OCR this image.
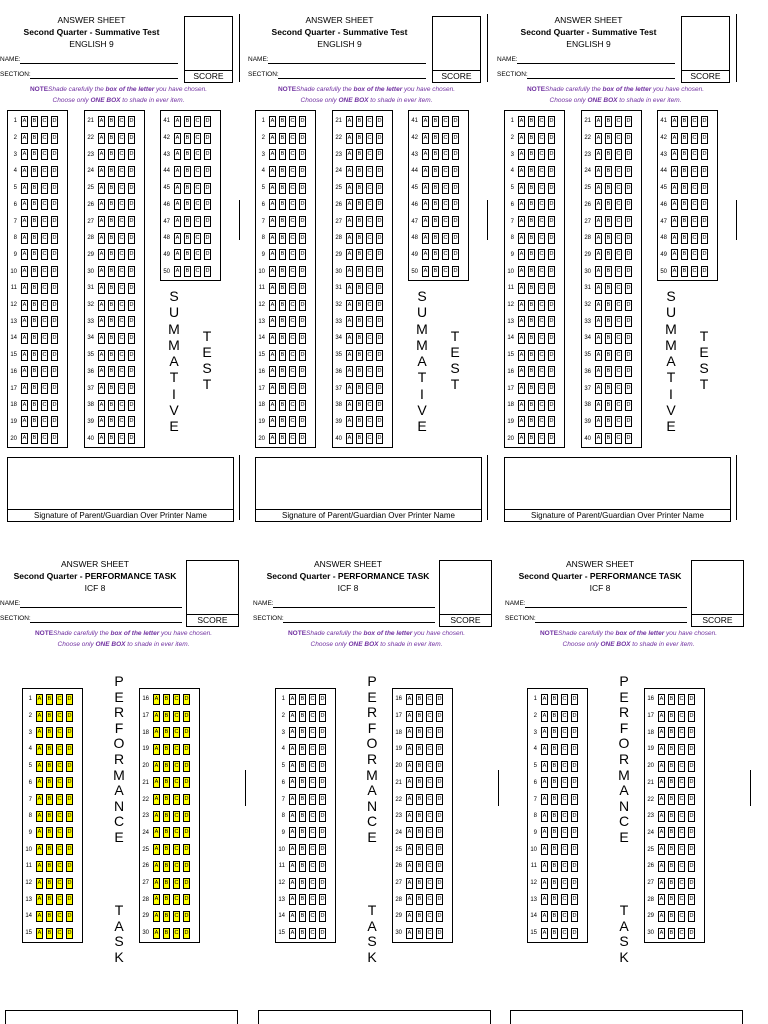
ANSWER SHEET
Second Quarter - Summative Test
ENGLISH 9
SCORE
NAME:
SECTION:
NOTEShade carefully the box of the letter you have chosen.
Choose only ONE BOX to shade in ever item.
1	A	B	C D
2	A	B	C D
3	A	B	C D
4	A	B	C D
5	A	B	C D
6	A	B	C D
7	A	B	C D
8	A	B	C D
9	A	B	C D
10	A	B	C D
11	A	B	C D
12	A	B	C D
13	A	B	C D
14	A	B	C D
15	A	B	C D
16	A	B	C D
17	A	B	C D
18	A	B	C D
19	A	B	C D
20	A	B	C D
21	A	B	C D
22	A	B	C D
23	A	B	C D
24	A	B	C D
25	A	B	C D
26	A	B	C D
27	A	B	C D
28	A	B	C D
29	A	B	C D
30	A	B	C D
31	A	B	C D
32	A	B	C D
33	A	B	C D
34	A	B	C D
35	A	B	C D
36	A	B	C D
37	A	B	C D
38	A	B	C D
39	A	B	C D
40	A	B	C D
41	A	B	C D
42	A	B	C D
43	A	B	C D
44	A	B	C D
45	A	B	C D
46	A	B	C D
47	A	B	C D
48	A	B	C D
49	A	B	C D
50	A	B	C D
S
U
M
M
A
T
I
V
E
T
E
S
T
Signature of Parent/Guardian Over Printer Name
ANSWER SHEET
Second Quarter - Summative Test
ENGLISH 9
SCORE
NAME:
SECTION:
NOTEShade carefully the box of the letter you have chosen.
Choose only ONE BOX to shade in ever item.
1	A	B	C D
2	A	B	C D
3	A	B	C D
4	A	B	C D
5	A	B	C D
6	A	B	C D
7	A	B	C D
8	A	B	C D
9	A	B	C D
10	A	B	C D
11	A	B	C D
12	A	B	C D
13	A	B	C D
14	A	B	C D
15	A	B	C D
16	A	B	C D
17	A	B	C D
18	A	B	C D
19	A	B	C D
20	A	B	C D
21	A	B	C D
22	A	B	C D
23	A	B	C D
24	A	B	C D
25	A	B	C D
26	A	B	C D
27	A	B	C D
28	A	B	C D
29	A	B	C D
30	A	B	C D
31	A	B	C D
32	A	B	C D
33	A	B	C D
34	A	B	C D
35	A	B	C D
36	A	B	C D
37	A	B	C D
38	A	B	C D
39	A	B	C D
40	A	B	C D
41	A	B	C D
42	A	B	C D
43	A	B	C D
44	A	B	C D
45	A	B	C D
46	A	B	C D
47	A	B	C D
48	A	B	C D
49	A	B	C D
50	A	B	C D
S
U
M
M
A
T
I
V
E
T
E
S
T
Signature of Parent/Guardian Over Printer Name
ANSWER SHEET
Second Quarter - Summative Test
ENGLISH 9
SCORE
NAME:
SECTION:
NOTEShade carefully the box of the letter you have chosen.
Choose only ONE BOX to shade in ever item.
1	A	B	C D
2	A	B	C D
3	A	B	C D
4	A	B	C D
5	A	B	C D
6	A	B	C D
7	A	B	C D
8	A	B	C D
9	A	B	C D
10	A	B	C D
11	A	B	C D
12	A	B	C D
13	A	B	C D
14	A	B	C D
15	A	B	C D
16	A	B	C D
17	A	B	C D
18	A	B	C D
19	A	B	C D
20	A	B	C D
21	A	B	C D
22	A	B	C D
23	A	B	C D
24	A	B	C D
25	A	B	C D
26	A	B	C D
27	A	B	C D
28	A	B	C D
29	A	B	C D
30	A	B	C D
31	A	B	C D
32	A	B	C D
33	A	B	C D
34	A	B	C D
35	A	B	C D
36	A	B	C D
37	A	B	C D
38	A	B	C D
39	A	B	C D
40	A	B	C D
41	A	B	C D
42	A	B	C D
43	A	B	C D
44	A	B	C D
45	A	B	C D
46	A	B	C D
47	A	B	C D
48	A	B	C D
49	A	B	C D
50	A	B	C D
S
U
M
M
A
T
I
V
E
T
E
S
T
Signature of Parent/Guardian Over Printer Name
ANSWER SHEET
Second Quarter - PERFORMANCE TASK
ICF 8
SCORE
NAME:
SECTION:
NOTEShade carefully the box of the letter you have chosen.
Choose only ONE BOX to shade in ever item.
1	A	B	C D
2	A	B	C D
3	A	B	C D
4	A	B	C D
5	A	B	C D
6	A	B	C D
7	A	B	C D
8	A	B	C D
9	A	B	C D
10	A	B	C D
11	A	B	C D
12	A	B	C D
13	A	B	C D
14	A	B	C D
15	A	B	C D
16	A	B	C D
17	A	B	C D
18	A	B	C D
19	A	B	C D
20	A	B	C D
21	A	B	C D
22	A	B	C D
23	A	B	C D
24	A	B	C D
25	A	B	C D
26	A	B	C D
27	A	B	C D
28	A	B	C D
29	A	B	C D
30	A	B	C D
P
E
R
F
O
R
M
A
N
C
E
T
A
S
K
ANSWER SHEET
Second Quarter - PERFORMANCE TASK
ICF 8
SCORE
NAME:
SECTION:
NOTEShade carefully the box of the letter you have chosen.
Choose only ONE BOX to shade in ever item.
1	A	B	C D
2	A	B	C D
3	A	B	C D
4	A	B	C D
5	A	B	C D
6	A	B	C D
7	A	B	C D
8	A	B	C D
9	A	B	C D
10	A	B	C D
11	A	B	C D
12	A	B	C D
13	A	B	C D
14	A	B	C D
15	A	B	C D
16	A	B	C D
17	A	B	C D
18	A	B	C D
19	A	B	C D
20	A	B	C D
21	A	B	C D
22	A	B	C D
23	A	B	C D
24	A	B	C D
25	A	B	C D
26	A	B	C D
27	A	B	C D
28	A	B	C D
29	A	B	C D
30	A	B	C D
P
E
R
F
O
R
M
A
N
C
E
T
A
S
K
ANSWER SHEET
Second Quarter - PERFORMANCE TASK
ICF 8
SCORE
NAME:
SECTION:
NOTEShade carefully the box of the letter you have chosen.
Choose only ONE BOX to shade in ever item.
1	A	B	C D
2	A	B	C D
3	A	B	C D
4	A	B	C D
5	A	B	C D
6	A	B	C D
7	A	B	C D
8	A	B	C D
9	A	B	C D
10	A	B	C D
11	A	B	C D
12	A	B	C D
13	A	B	C D
14	A	B	C D
15	A	B	C D
16	A	B	C D
17	A	B	C D
18	A	B	C D
19	A	B	C D
20	A	B	C D
21	A	B	C D
22	A	B	C D
23	A	B	C D
24	A	B	C D
25	A	B	C D
26	A	B	C D
27	A	B	C D
28	A	B	C D
29	A	B	C D
30	A	B	C D
P
E
R
F
O
R
M
A
N
C
E
T
A
S
K
